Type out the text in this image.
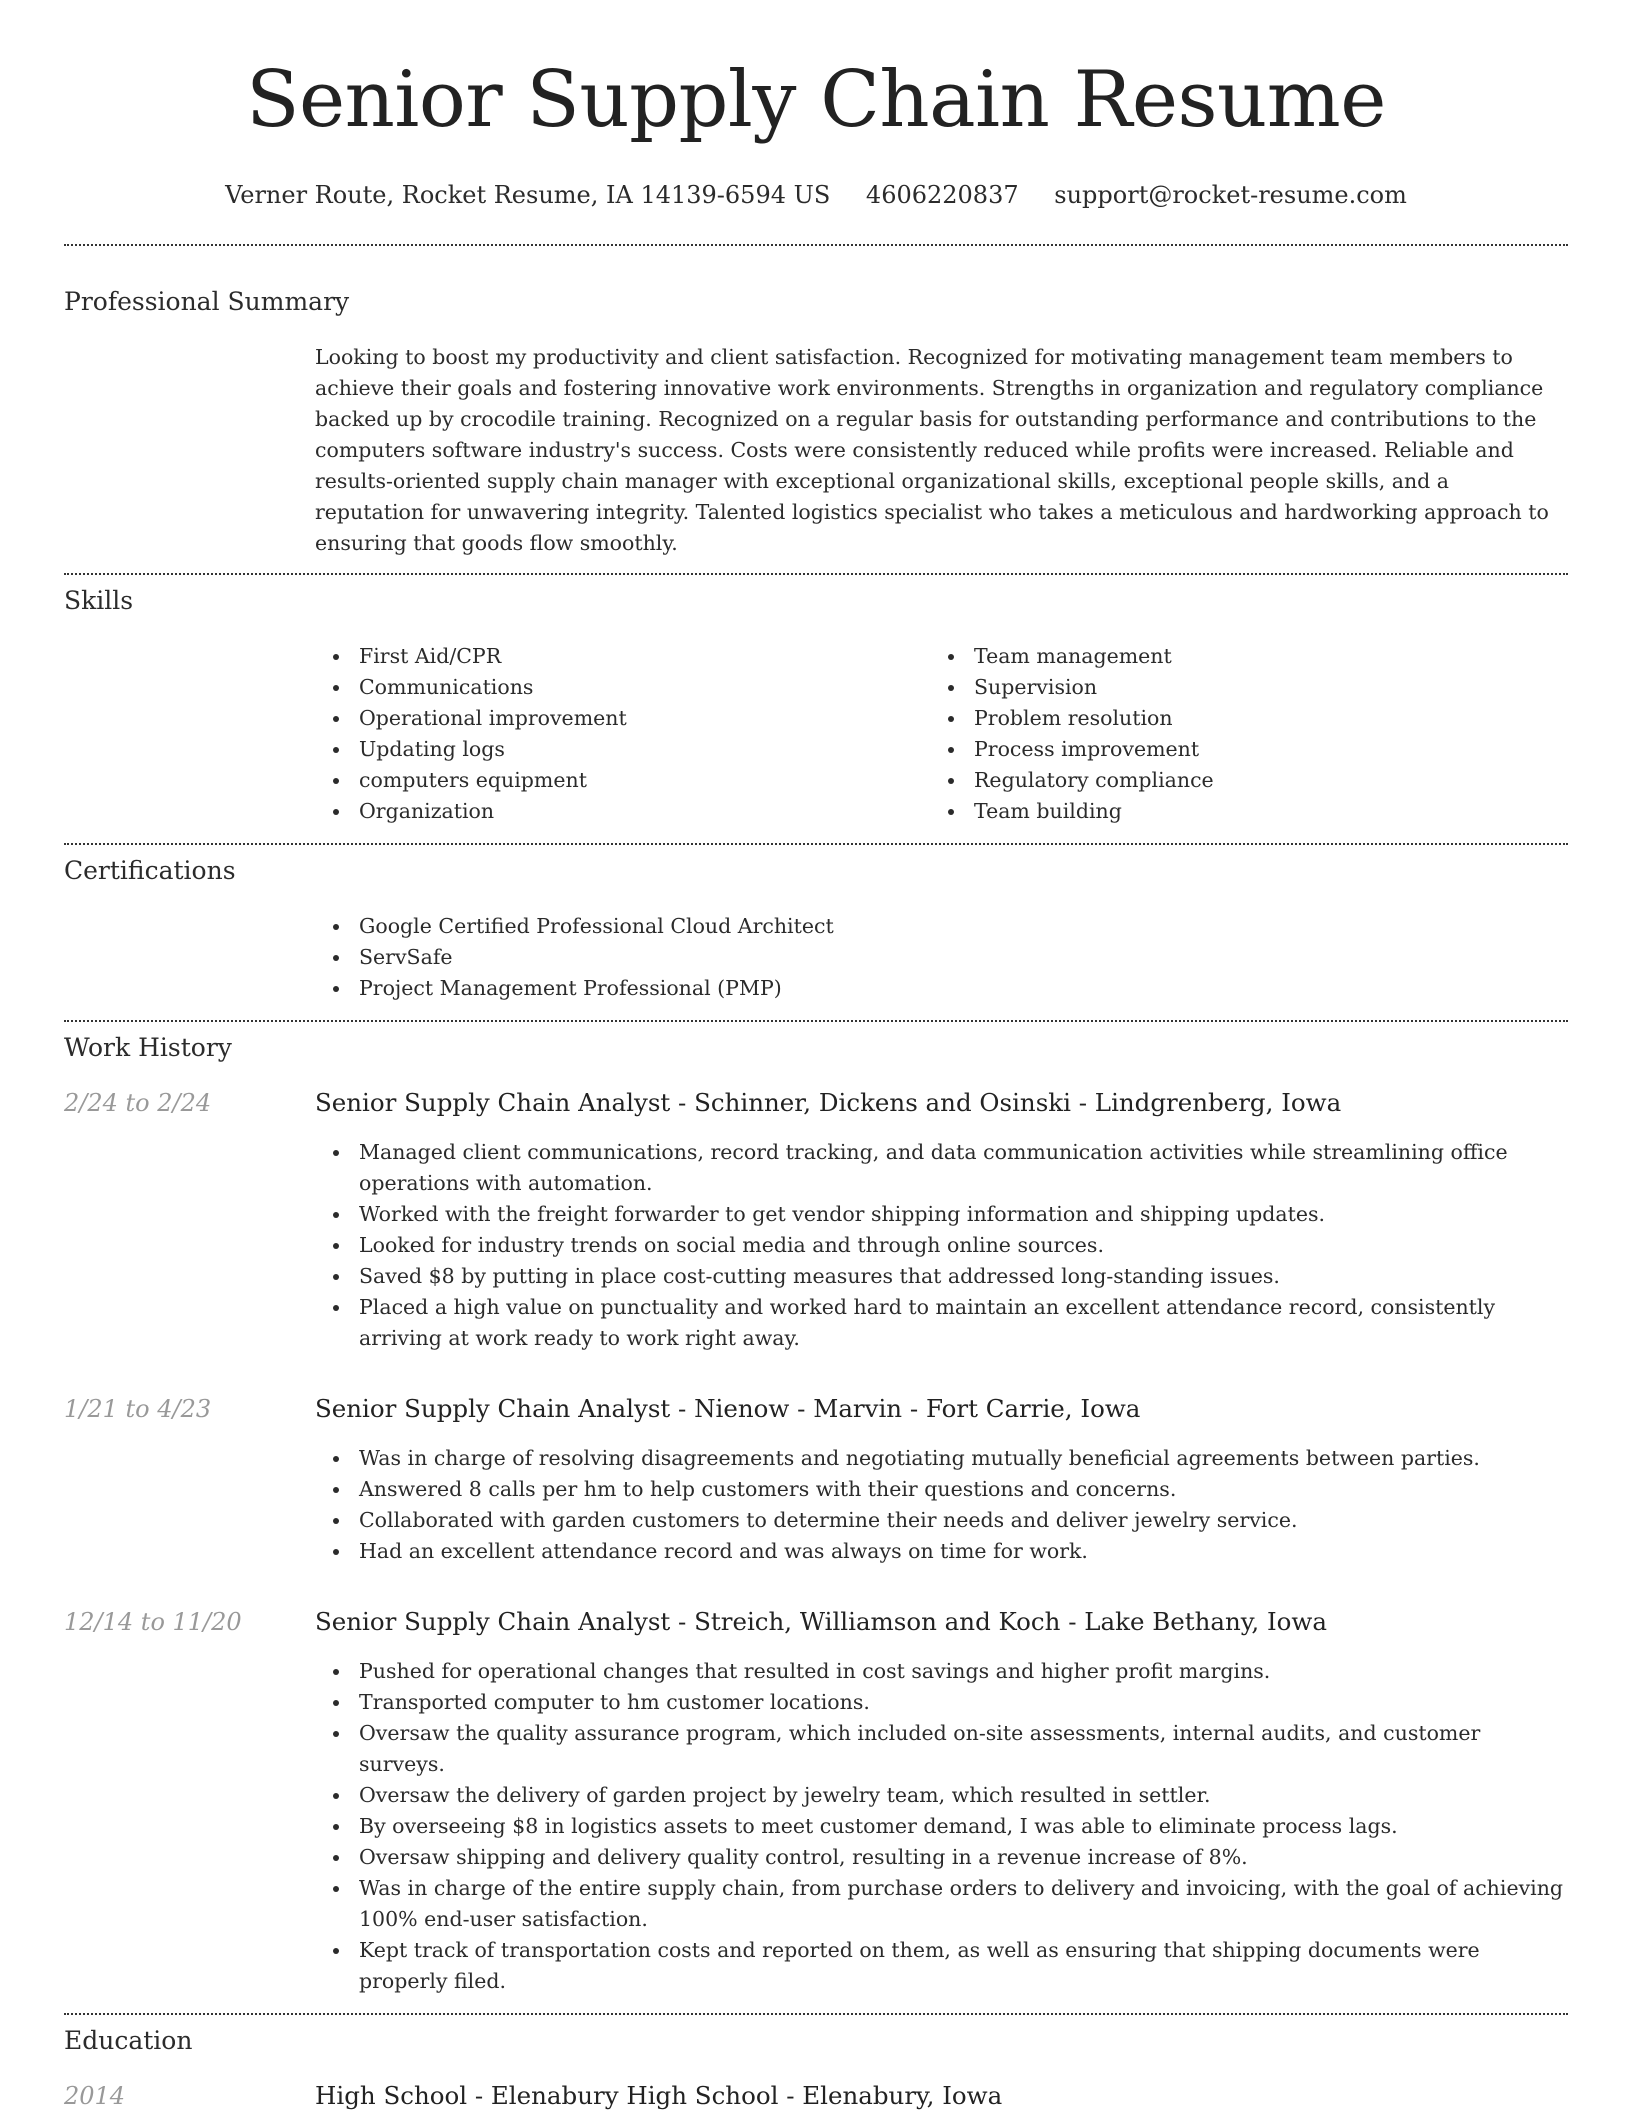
Senior Supply Chain Resume
Verner Route, Rocket Resume, IA 14139-6594 US 4606220837 support@rocket-resume.com
Professional Summary
Looking to boost my productivity and client satisfaction. Recognized for motivating management team members to achieve their goals and fostering innovative work environments. Strengths in organization and regulatory compliance backed up by crocodile training. Recognized on a regular basis for outstanding performance and contributions to the computers software industry's success. Costs were consistently reduced while profits were increased. Reliable and results-oriented supply chain manager with exceptional organizational skills, exceptional people skills, and a reputation for unwavering integrity. Talented logistics specialist who takes a meticulous and hardworking approach to ensuring that goods flow smoothly.
Skills
First Aid/CPR
Communications
Operational improvement
Updating logs
computers equipment
Organization
Team management
Supervision
Problem resolution
Process improvement
Regulatory compliance
Team building
Certifications
Google Certified Professional Cloud Architect
ServSafe
Project Management Professional (PMP)
Work History
2/24 to 2/24	Senior Supply Chain Analyst - Schinner, Dickens and Osinski - Lindgrenberg, Iowa
Managed client communications, record tracking, and data communication activities while streamlining office operations with automation.
Worked with the freight forwarder to get vendor shipping information and shipping updates.
Looked for industry trends on social media and through online sources.
Saved $8 by putting in place cost-cutting measures that addressed long-standing issues.
Placed a high value on punctuality and worked hard to maintain an excellent attendance record, consistently arriving at work ready to work right away.
1/21 to 4/23	Senior Supply Chain Analyst - Nienow - Marvin - Fort Carrie, Iowa
Was in charge of resolving disagreements and negotiating mutually beneficial agreements between parties.
Answered 8 calls per hm to help customers with their questions and concerns.
Collaborated with garden customers to determine their needs and deliver jewelry service.
Had an excellent attendance record and was always on time for work.
12/14 to 11/20	Senior Supply Chain Analyst - Streich, Williamson and Koch - Lake Bethany, Iowa
Pushed for operational changes that resulted in cost savings and higher profit margins.
Transported computer to hm customer locations.
Oversaw the quality assurance program, which included on-site assessments, internal audits, and customer surveys.
Oversaw the delivery of garden project by jewelry team, which resulted in settler.
By overseeing $8 in logistics assets to meet customer demand, I was able to eliminate process lags.
Oversaw shipping and delivery quality control, resulting in a revenue increase of 8%.
Was in charge of the entire supply chain, from purchase orders to delivery and invoicing, with the goal of achieving 100% end-user satisfaction.
Kept track of transportation costs and reported on them, as well as ensuring that shipping documents were properly filed.
Education
2014	High School - Elenabury High School - Elenabury, Iowa
